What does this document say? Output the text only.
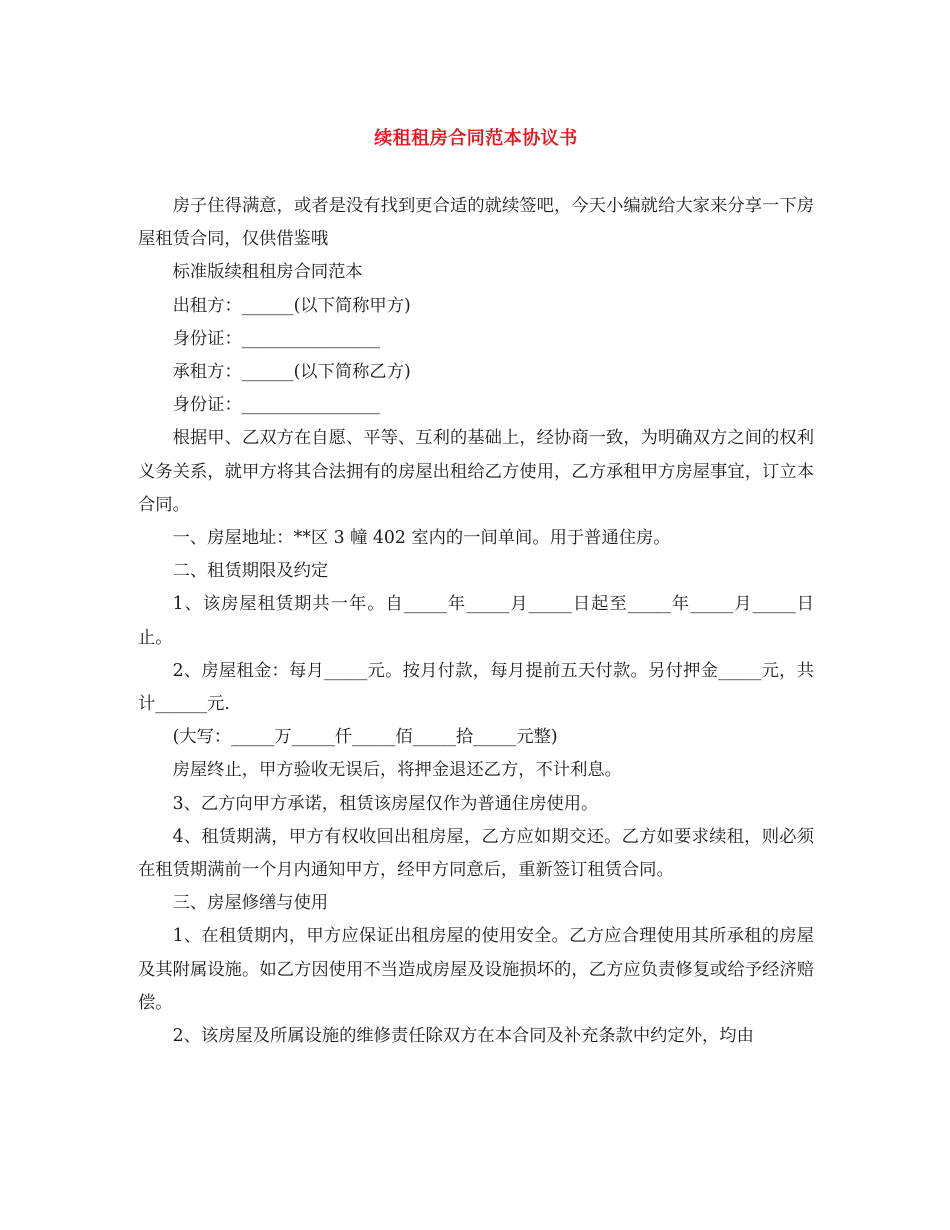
续租租房合同范本协议书

房子住得满意，或者是没有找到更合适的就续签吧，今天小编就给大家来分享一下房屋租赁合同，仅供借鉴哦

标准版续租租房合同范本

出租方：______(以下简称甲方)

身份证：________________

承租方：______(以下简称乙方)

身份证：________________

根据甲、乙双方在自愿、平等、互利的基础上，经协商一致，为明确双方之间的权利义务关系，就甲方将其合法拥有的房屋出租给乙方使用，乙方承租甲方房屋事宜，订立本合同。

一、房屋地址：**区 3 幢 402 室内的一间单间。用于普通住房。

二、租赁期限及约定

1、该房屋租赁期共一年。自_____年_____月_____日起至_____年_____月_____日止。

2、房屋租金：每月_____元。按月付款，每月提前五天付款。另付押金_____元，共计______元.

(大写：_____万_____仟_____佰_____拾_____元整)

房屋终止，甲方验收无误后，将押金退还乙方，不计利息。

3、乙方向甲方承诺，租赁该房屋仅作为普通住房使用。

4、租赁期满，甲方有权收回出租房屋，乙方应如期交还。乙方如要求续租，则必须在租赁期满前一个月内通知甲方，经甲方同意后，重新签订租赁合同。

三、房屋修缮与使用

1、在租赁期内，甲方应保证出租房屋的使用安全。乙方应合理使用其所承租的房屋及其附属设施。如乙方因使用不当造成房屋及设施损坏的，乙方应负责修复或给予经济赔偿。

2、该房屋及所属设施的维修责任除双方在本合同及补充条款中约定外，均由
